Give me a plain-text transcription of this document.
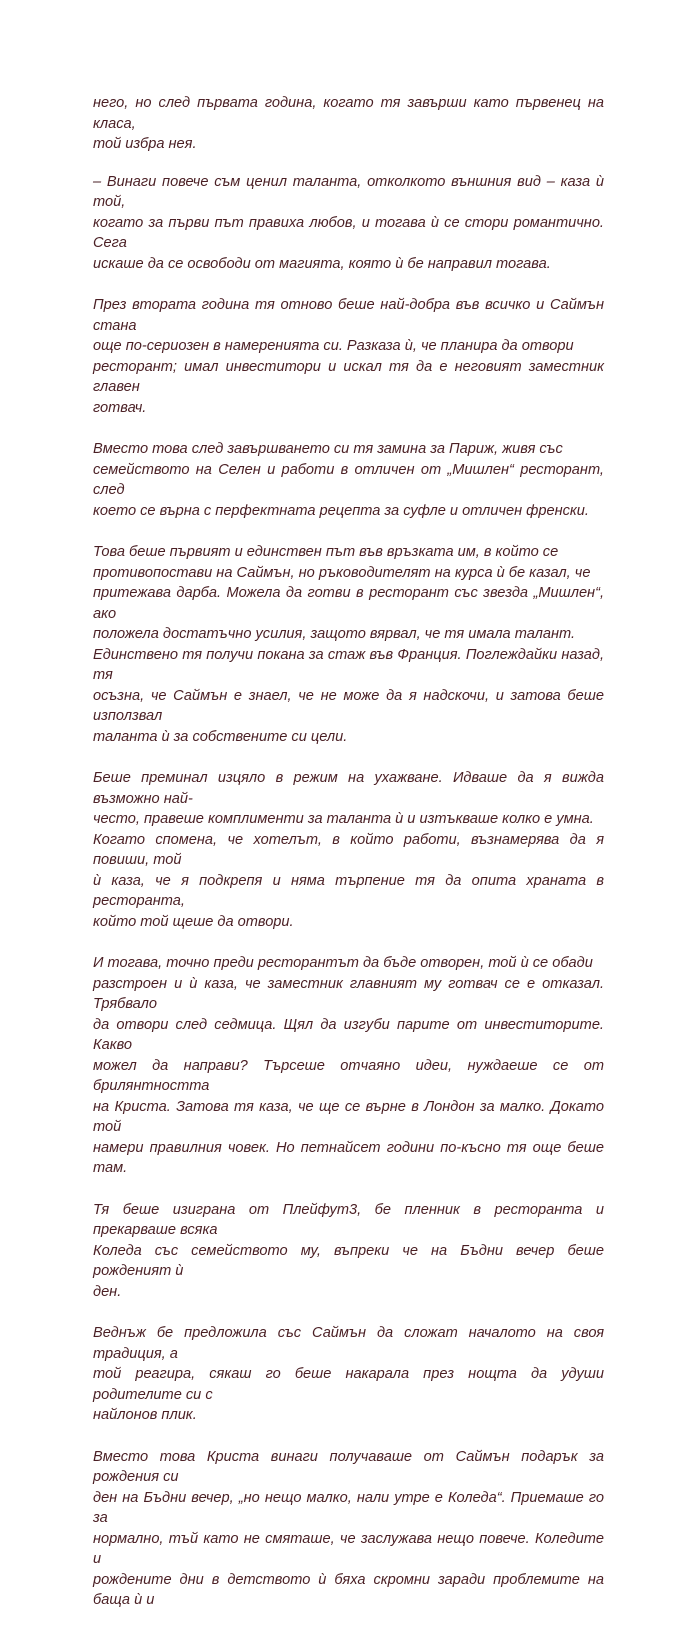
него, но след първата година, когато тя завърши като първенец на класа,
той избра нея.

– Винаги повече съм ценил таланта, отколкото външния вид – каза ѝ той,
когато за първи път правиха любов, и тогава ѝ се стори романтично. Сега
искаше да се освободи от магията, която ѝ бе направил тогава.

През втората година тя отново беше най-добра във всичко и Саймън стана
още по-сериозен в намеренията си. Разказа ѝ, че планира да отвори
ресторант; имал инвеститори и искал тя да е неговият заместник главен
готвач.

Вместо това след завършването си тя замина за Париж, живя със
семейството на Селен и работи в отличен от „Мишлен“ ресторант, след
което се върна с перфектната рецепта за суфле и отличен френски.

Това беше първият и единствен път във връзката им, в който се
противопостави на Саймън, но ръководителят на курса ѝ бе казал, че
притежава дарба. Можела да готви в ресторант със звезда „Мишлен“, ако
положела достатъчно усилия, защото вярвал, че тя имала талант.
Единствено тя получи покана за стаж във Франция. Поглеждайки назад, тя
осъзна, че Саймън е знаел, че не може да я надскочи, и затова беше използвал
таланта ѝ за собствените си цели.

Беше преминал изцяло в режим на ухажване. Идваше да я вижда възможно най-
често, правеше комплименти за таланта ѝ и изтъкваше колко е умна.
Когато спомена, че хотелът, в който работи, възнамерява да я повиши, той
ѝ каза, че я подкрепя и няма търпение тя да опита храната в ресторанта,
който той щеше да отвори.

И тогава, точно преди ресторантът да бъде отворен, той ѝ се обади
разстроен и ѝ каза, че заместник главният му готвач се е отказал. Трябвало
да отвори след седмица. Щял да изгуби парите от инвеститорите. Какво
можел да направи? Търсеше отчаяно идеи, нуждаеше се от брилянтността
на Криста. Затова тя каза, че ще се върне в Лондон за малко. Докато той
намери правилния човек. Но петнайсет години по-късно тя още беше там.

Тя беше изиграна от Плейфут3, бе пленник в ресторанта и прекарваше всяка
Коледа със семейството му, въпреки че на Бъдни вечер беше рожденият ѝ
ден.

Веднъж бе предложила със Саймън да сложат началото на своя традиция, а
той реагира, сякаш го беше накарала през нощта да удуши родителите си с
найлонов плик.

Вместо това Криста винаги получаваше от Саймън подарък за рождения си
ден на Бъдни вечер, „но нещо малко, нали утре е Коледа“. Приемаше го за
нормално, тъй като не смяташе, че заслужава нещо повече. Коледите и
рождените дни в детството ѝ бяха скромни заради проблемите на баща ѝ и
